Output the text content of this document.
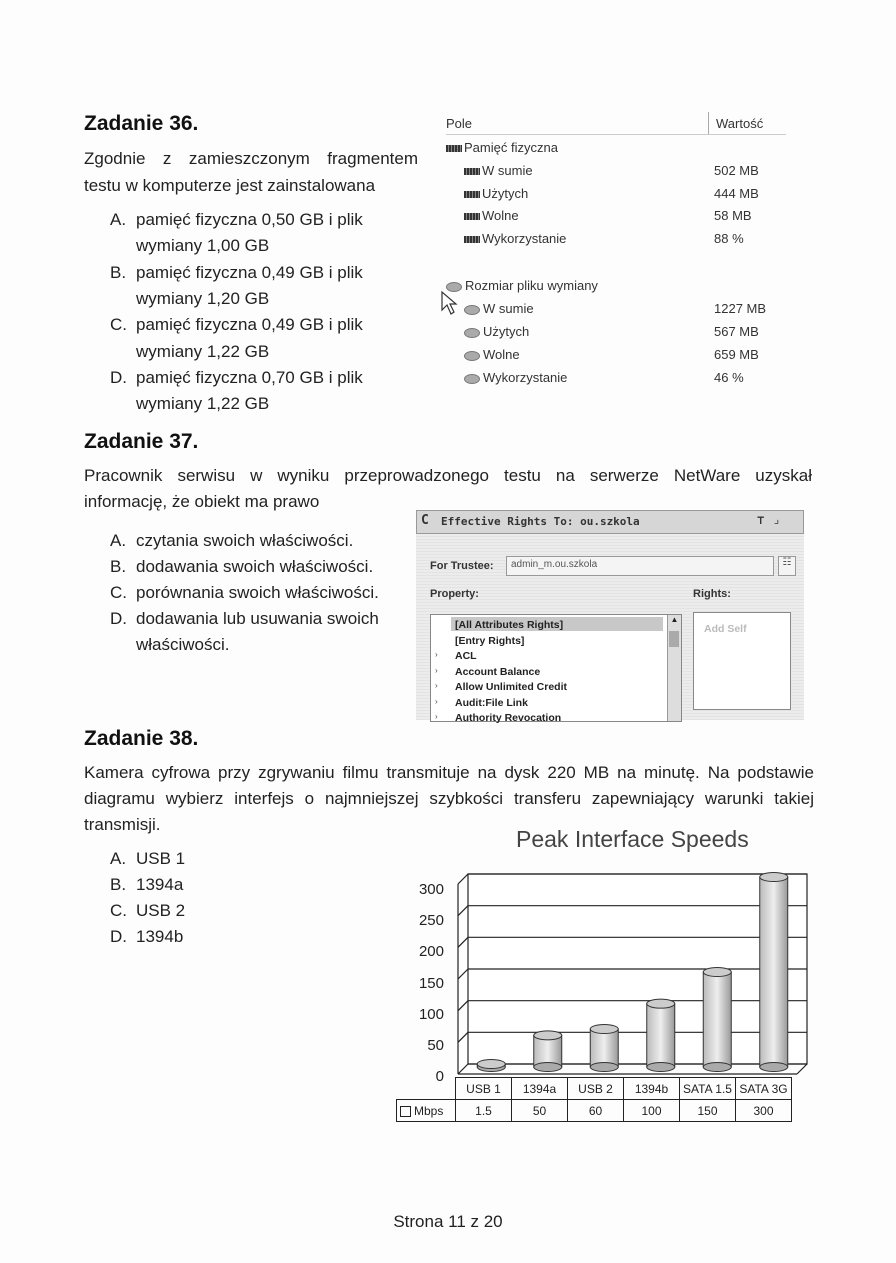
Zadanie 36.
Zgodnie z zamieszczonym fragmentem
testu w komputerze jest zainstalowana
A. pamięć fizyczna 0,50 GB i plik
wymiany 1,00 GB
B. pamięć fizyczna 0,49 GB i plik
wymiany 1,20 GB
C. pamięć fizyczna 0,49 GB i plik
wymiany 1,22 GB
D. pamięć fizyczna 0,70 GB i plik
wymiany 1,22 GB
Pole	Wartość
Pamięć fizyczna
W sumie	502 MB
Użytych	444 MB
Wolne	58 MB
Wykorzystanie	88 %
Rozmiar pliku wymiany
W sumie	1227 MB
Użytych	567 MB
Wolne	659 MB
Wykorzystanie	46 %
Zadanie 37.
Pracownik serwisu w wyniku przeprowadzonego testu na serwerze NetWare uzyskał
informację, że obiekt ma prawo
A. czytania swoich właściwości.
B. dodawania swoich właściwości.
C. porównania swoich właściwości.
D. dodawania lub usuwania swoich
właściwości.
C Effective Rights To: ou.szkola	⊤ ⌟
For Trustee:	admin_m.ou.szkola	☷
Property:	Rights:
[All Attributes Rights]
[Entry Rights]
› ACL
› Account Balance
› Allow Unlimited Credit
› Audit:File Link
› Authority Revocation
▲
Add Self
Zadanie 38.
Kamera cyfrowa przy zgrywaniu filmu transmituje na dysk 220 MB na minutę. Na podstawie
diagramu wybierz interfejs o najmniejszej szybkości transferu zapewniający warunki takiej
transmisji.
A. USB 1
B. 1394a
C. USB 2
D. 1394b
Peak Interface Speeds
300
250
200
150
100
50
0
	USB 1	1394a	USB 2	1394b	SATA 1.5	SATA 3G
Mbps	1.5	50	60	100	150	300
Strona 11 z 20
